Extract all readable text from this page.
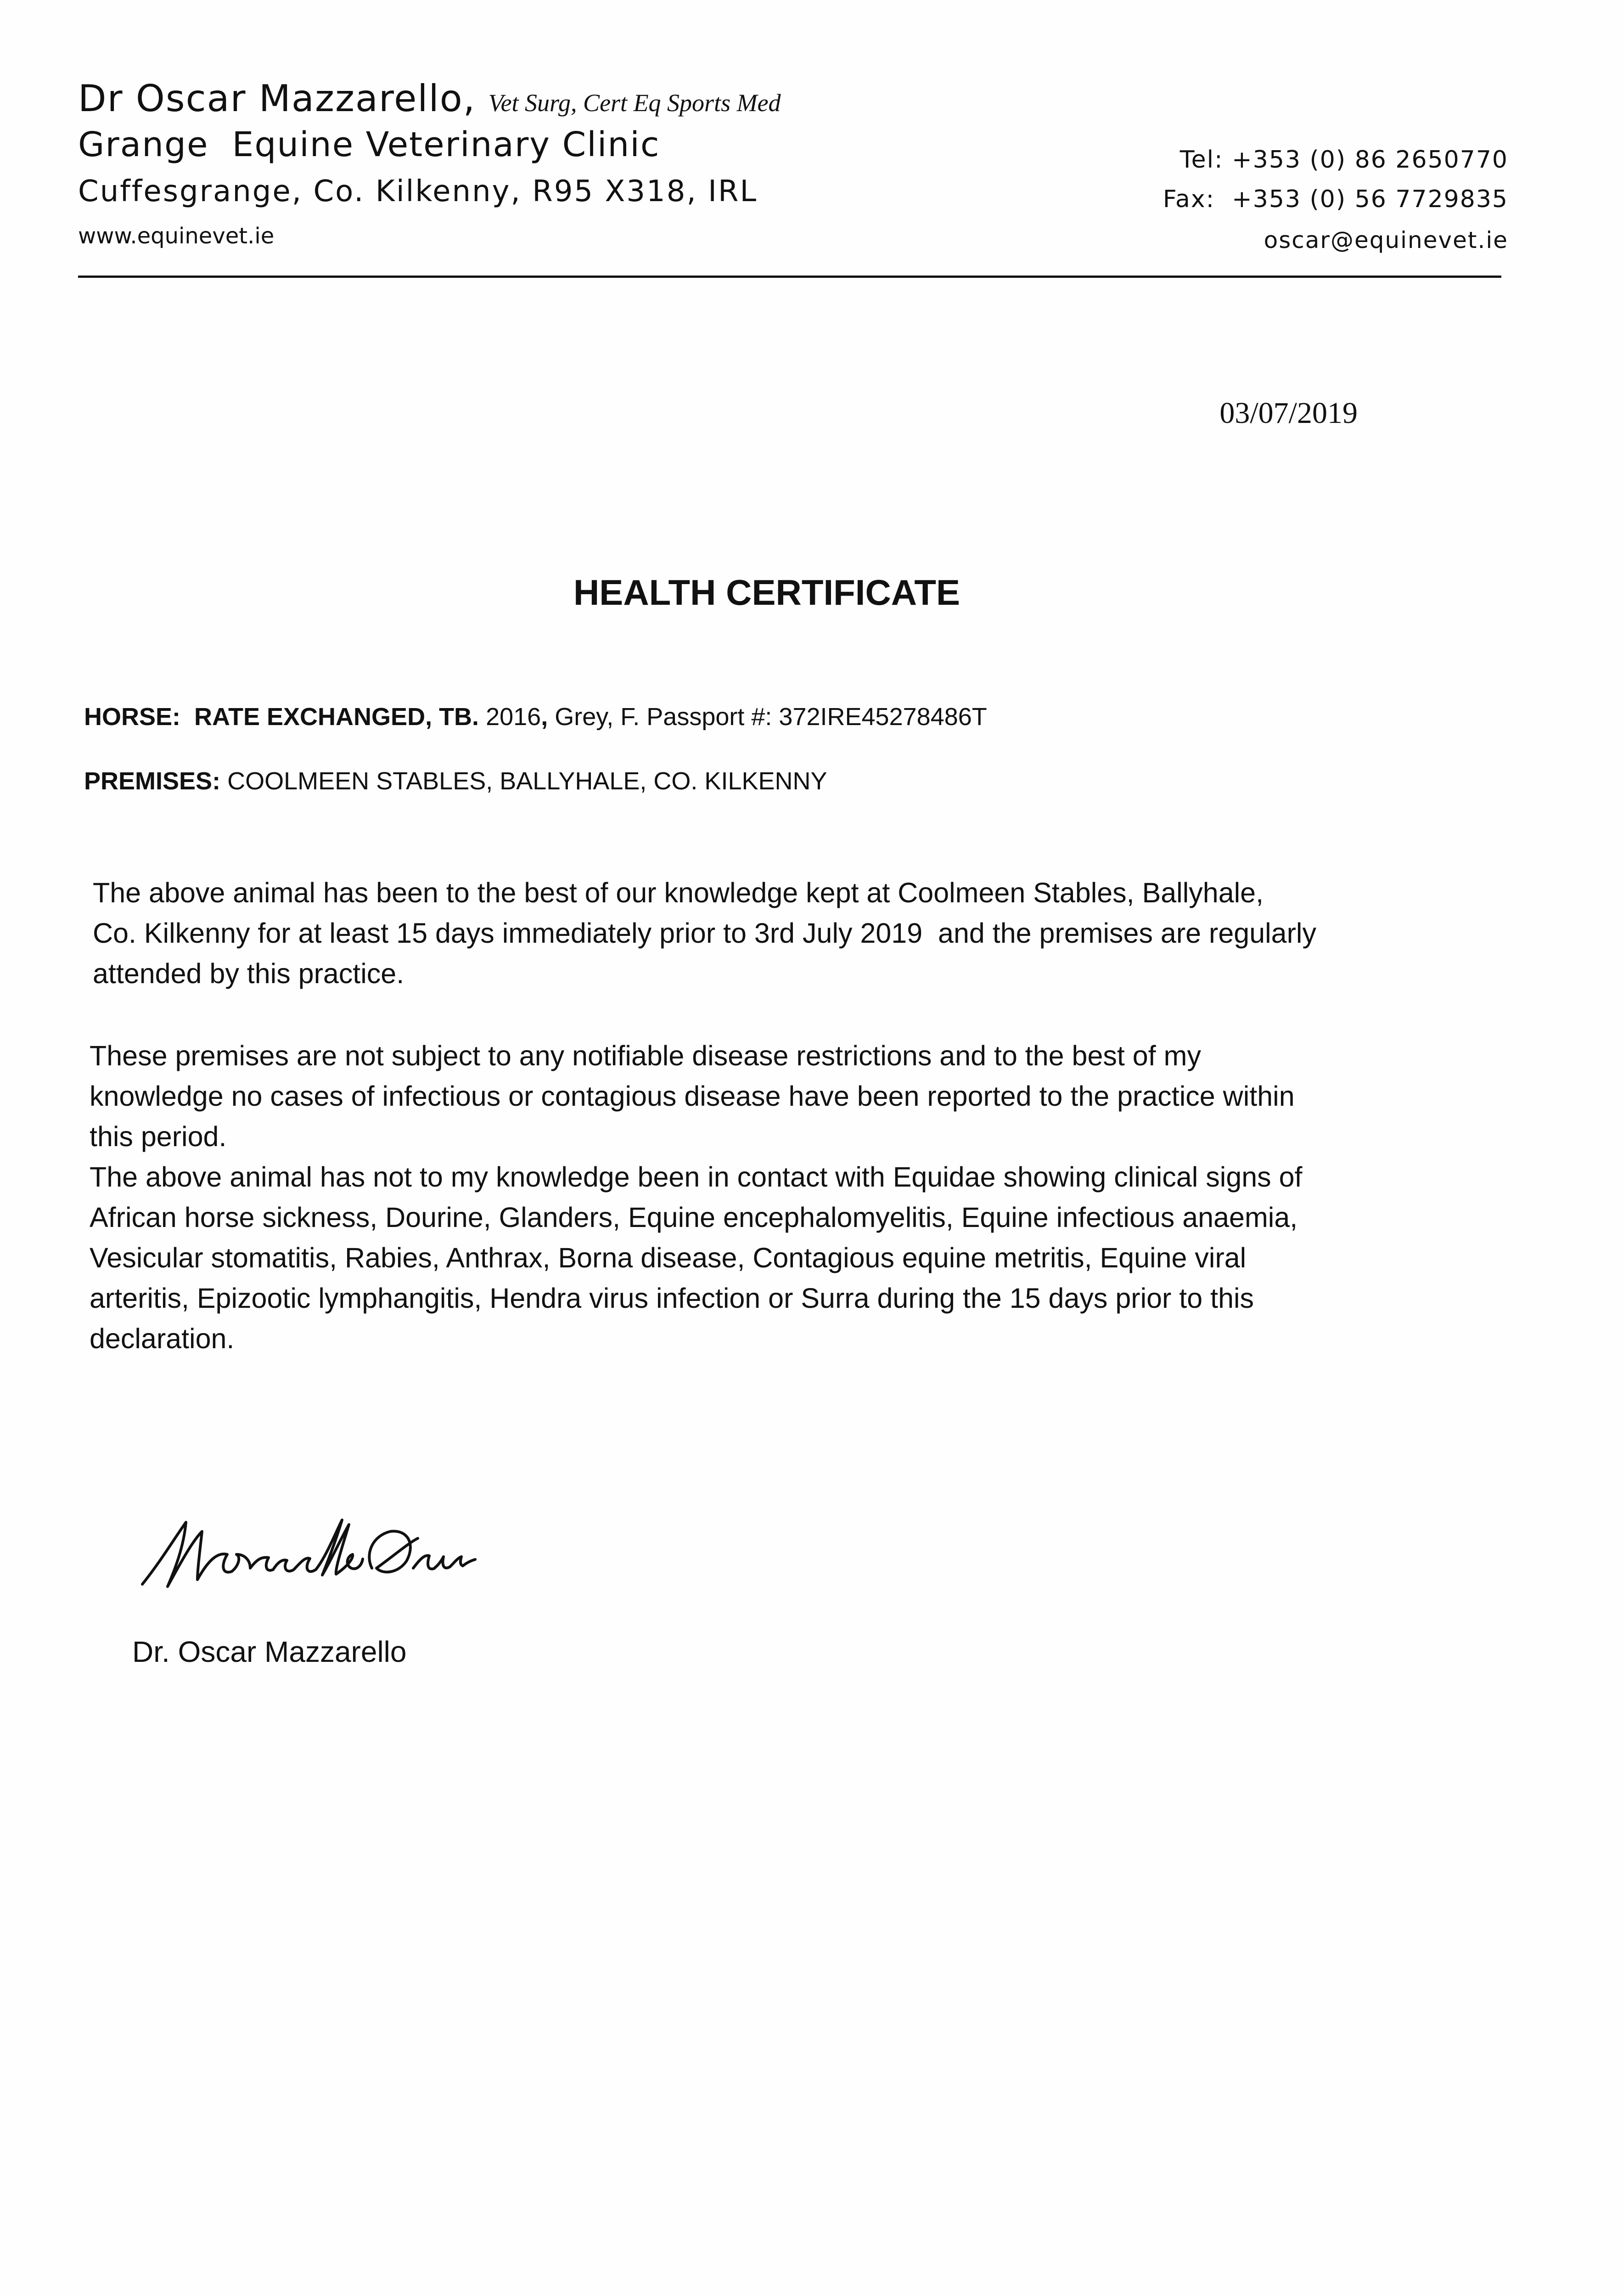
Dr Oscar Mazzarello, Vet Surg, Cert Eq Sports Med
Grange  Equine Veterinary Clinic
Cuffesgrange, Co. Kilkenny, R95 X318, IRL
www.equinevet.ie
Tel: +353 (0) 86 2650770
Fax:  +353 (0) 56 7729835
oscar@equinevet.ie
03/07/2019
HEALTH CERTIFICATE
HORSE: RATE EXCHANGED, TB. 2016, Grey, F. Passport #: 372IRE45278486T
PREMISES: COOLMEEN STABLES, BALLYHALE, CO. KILKENNY

The above animal has been to the best of our knowledge kept at Coolmeen Stables, Ballyhale,

Co. Kilkenny for at least 15 days immediately prior to 3rd July 2019  and the premises are regularly

attended by this practice.

These premises are not subject to any notifiable disease restrictions and to the best of my

knowledge no cases of infectious or contagious disease have been reported to the practice within

this period.

The above animal has not to my knowledge been in contact with Equidae showing clinical signs of

African horse sickness, Dourine, Glanders, Equine encephalomyelitis, Equine infectious anaemia,

Vesicular stomatitis, Rabies, Anthrax, Borna disease, Contagious equine metritis, Equine viral

arteritis, Epizootic lymphangitis, Hendra virus infection or Surra during the 15 days prior to this

declaration.

Dr. Oscar Mazzarello
